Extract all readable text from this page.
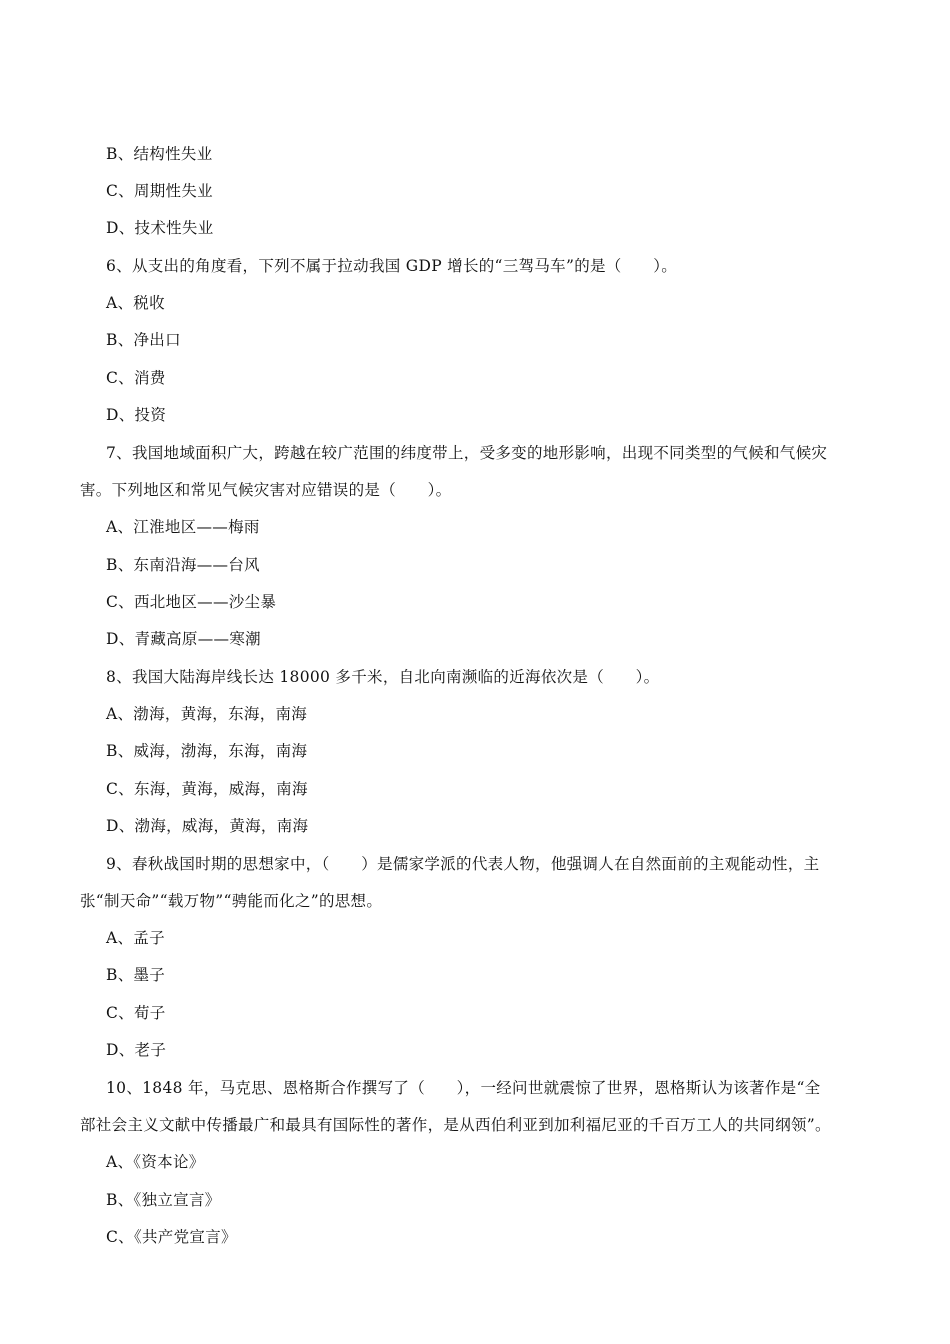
B、结构性失业
C、周期性失业
D、技术性失业
6、从支出的角度看，下列不属于拉动我国 GDP 增长的“三驾马车”的是（　　）。
A、税收
B、净出口
C、消费
D、投资
7、我国地域面积广大，跨越在较广范围的纬度带上，受多变的地形影响，出现不同类型的气候和气候灾
害。下列地区和常见气候灾害对应错误的是（　　）。
A、江淮地区——梅雨
B、东南沿海——台风
C、西北地区——沙尘暴
D、青藏高原——寒潮
8、我国大陆海岸线长达 18000 多千米，自北向南濒临的近海依次是（　　）。
A、渤海，黄海，东海，南海
B、威海，渤海，东海，南海
C、东海，黄海，威海，南海
D、渤海，威海，黄海，南海
9、春秋战国时期的思想家中，（　　）是儒家学派的代表人物，他强调人在自然面前的主观能动性，主
张“制天命”“载万物”“骋能而化之”的思想。
A、孟子
B、墨子
C、荀子
D、老子
10、1848 年，马克思、恩格斯合作撰写了（　　），一经问世就震惊了世界，恩格斯认为该著作是“全
部社会主义文献中传播最广和最具有国际性的著作，是从西伯利亚到加利福尼亚的千百万工人的共同纲领”。
A、《资本论》
B、《独立宣言》
C、《共产党宣言》
